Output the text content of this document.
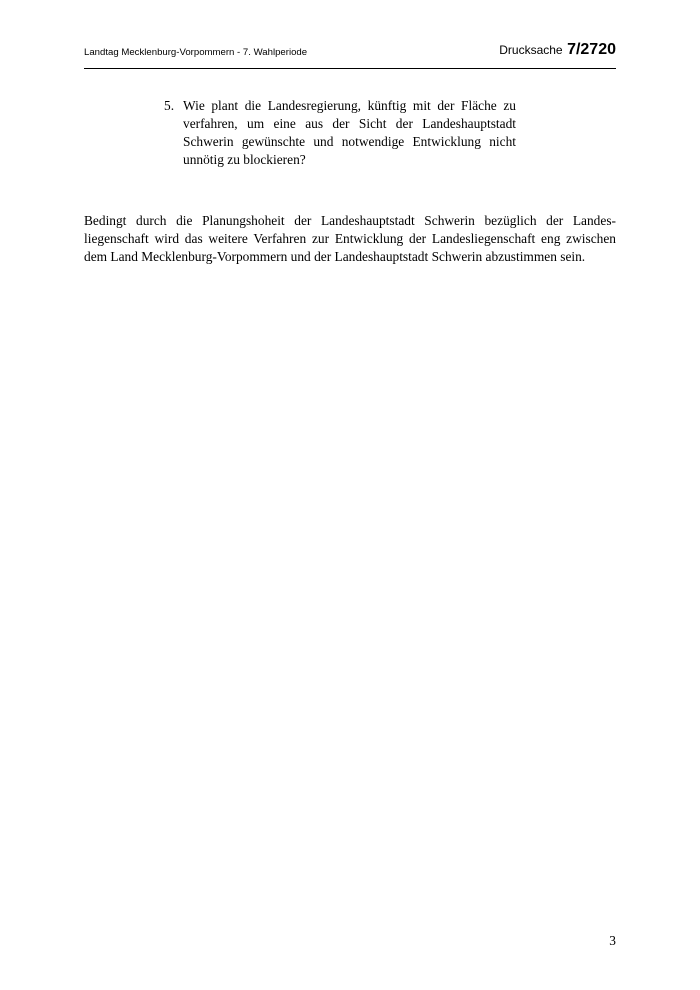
Landtag Mecklenburg-Vorpommern - 7. Wahlperiode	Drucksache 7/2720
5. Wie plant die Landesregierung, künftig mit der Fläche zu verfahren, um eine aus der Sicht der Landeshauptstadt Schwerin gewünschte und notwendige Entwicklung nicht unnötig zu blockieren?

Bedingt durch die Planungshoheit der Landeshauptstadt Schwerin bezüglich der Landesliegenschaft wird das weitere Verfahren zur Entwicklung der Landesliegenschaft eng zwischen dem Land Mecklenburg-Vorpommern und der Landeshauptstadt Schwerin abzustimmen sein.

3
